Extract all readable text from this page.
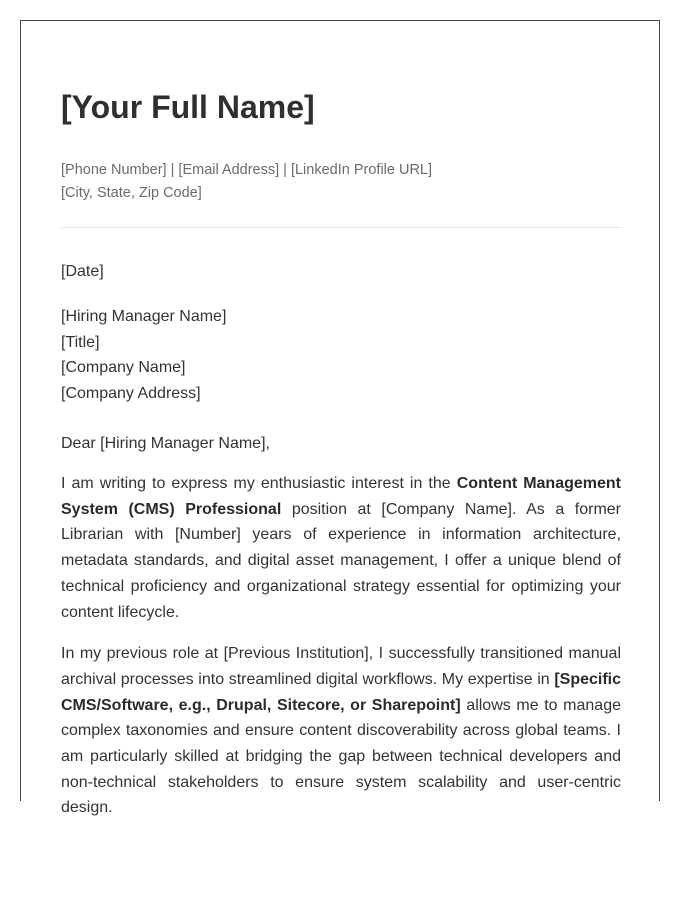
[Your Full Name]
[Phone Number] | [Email Address] | [LinkedIn Profile URL]
[City, State, Zip Code]
[Date]
[Hiring Manager Name]
[Title]
[Company Name]
[Company Address]
Dear [Hiring Manager Name],

I am writing to express my enthusiastic interest in the Content Management System (CMS) Professional position at [Company Name]. As a former Librarian with [Number] years of experience in information architecture, metadata standards, and digital asset management, I offer a unique blend of technical proficiency and organizational strategy essential for optimizing your content lifecycle.

In my previous role at [Previous Institution], I successfully transitioned manual archival processes into streamlined digital workflows. My expertise in [Specific CMS/Software, e.g., Drupal, Sitecore, or Sharepoint] allows me to manage complex taxonomies and ensure content discoverability across global teams. I am particularly skilled at bridging the gap between technical developers and non-technical stakeholders to ensure system scalability and user-centric design.
